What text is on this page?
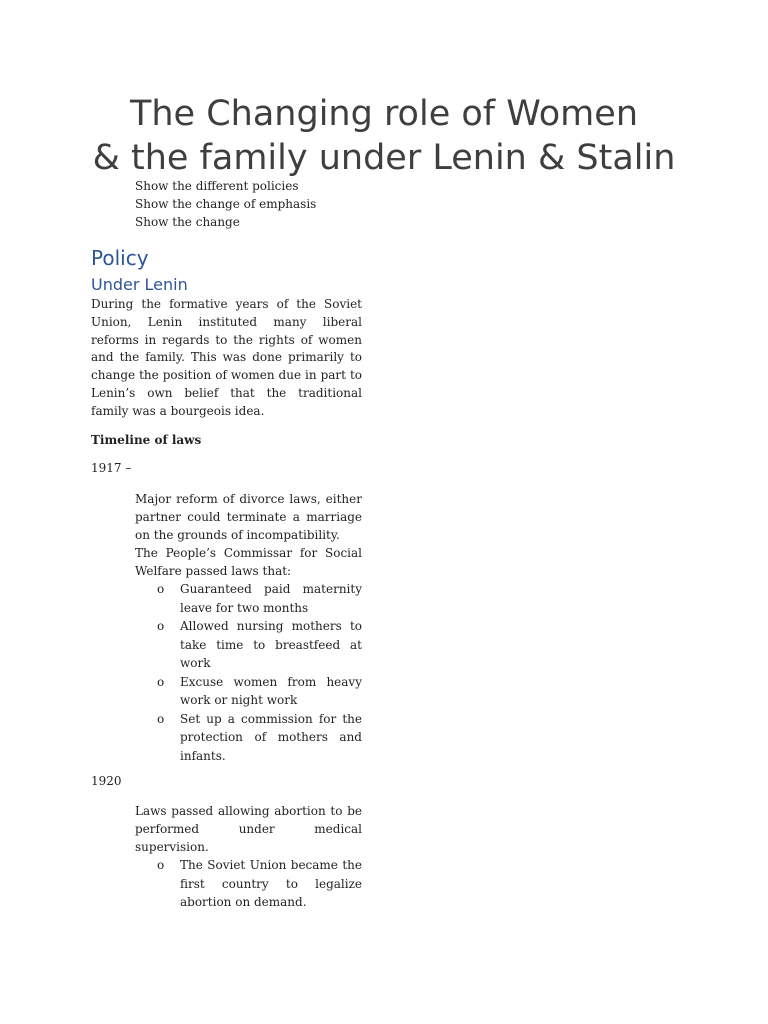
The Changing role of Women
& the family under Lenin & Stalin
Show the different policies
Show the change of emphasis
Show the change
Policy
Under Lenin
During the formative years of the Soviet Union, Lenin instituted many liberal reforms in regards to the rights of women and the family. This was done primarily to change the position of women due in part to Lenin’s own belief that the traditional family was a bourgeois idea.
Timeline of laws
1917 –
Major reform of divorce laws, either partner could terminate a marriage on the grounds of incompatibility.
The People’s Commissar for Social Welfare passed laws that:
o Guaranteed paid maternity leave for two months
o Allowed nursing mothers to take time to breastfeed at work
o Excuse women from heavy work or night work
o Set up a commission for the protection of mothers and infants.
1920
Laws passed allowing abortion to be performed under medical supervision.
o The Soviet Union became the first country to legalize abortion on demand.
